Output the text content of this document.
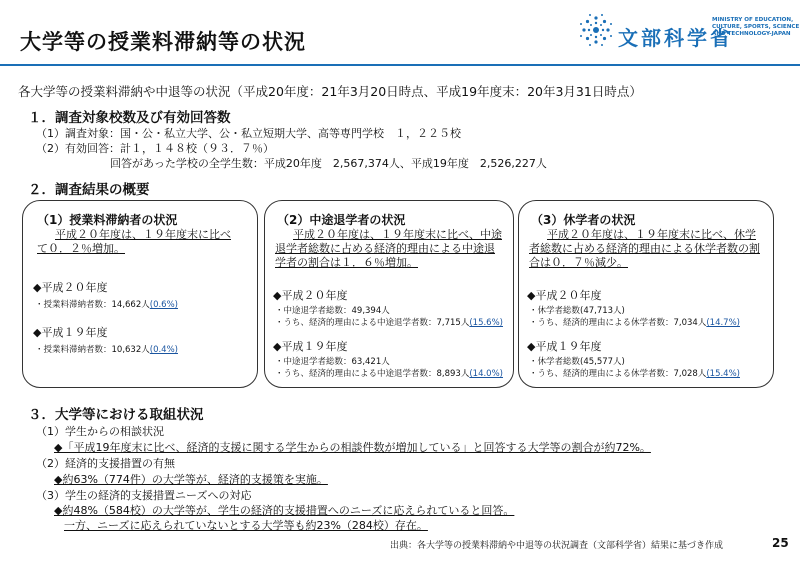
大学等の授業料滞納等の状況	文部科学省
MINISTRY OF EDUCATION, CULTURE, SPORTS, SCIENCE AND TECHNOLOGY-JAPAN
各大学等の授業料滞納や中退等の状況（平成20年度：21年3月20日時点、平成19年度末：20年3月31日時点）
１．調査対象校数及び有効回答数
（1）調査対象：国・公・私立大学、公・私立短期大学、高等専門学校　１，２２５校
（2）有効回答：計１，１４８校（９３．７％）
回答があった学校の全学生数：平成20年度　2,567,374人、平成19年度　2,526,227人
２．調査結果の概要
（1）授業料滞納者の状況
平成２０年度は、１９年度末に比べて０．２％増加。
◆平成２０年度
・授業料滞納者数：14,662人(0.6%)
◆平成１９年度
・授業料滞納者数：10,632人(0.4%)
（2）中途退学者の状況
平成２０年度は、１９年度末に比べ、中途退学者総数に占める経済的理由による中途退学者の割合は１．６％増加。
◆平成２０年度
・中途退学者総数：49,394人
・うち、経済的理由による中途退学者数：7,715人(15.6%)
◆平成１９年度
・中途退学者総数：63,421人
・うち、経済的理由による中途退学者数：8,893人(14.0%)
（3）休学者の状況
平成２０年度は、１９年度末に比べ、休学者総数に占める経済的理由による休学者数の割合は０．７％減少。
◆平成２０年度
・休学者総数(47,713人)
・うち、経済的理由による休学者数：7,034人(14.7%)
◆平成１９年度
・休学者総数(45,577人)
・うち、経済的理由による休学者数：7,028人(15.4%)
３．大学等における取組状況
（1）学生からの相談状況
◆「平成19年度末に比べ、経済的支援に関する学生からの相談件数が増加している」と回答する大学等の割合が約72%。
（2）経済的支援措置の有無
◆約63%（774件）の大学等が、経済的支援策を実施。
（3）学生の経済的支援措置ニーズへの対応
◆約48%（584校）の大学等が、学生の経済的支援措置へのニーズに応えられていると回答。
一方、ニーズに応えられていないとする大学等も約23%（284校）存在。
出典：各大学等の授業料滞納や中退等の状況調査（文部科学省）結果に基づき作成	25
